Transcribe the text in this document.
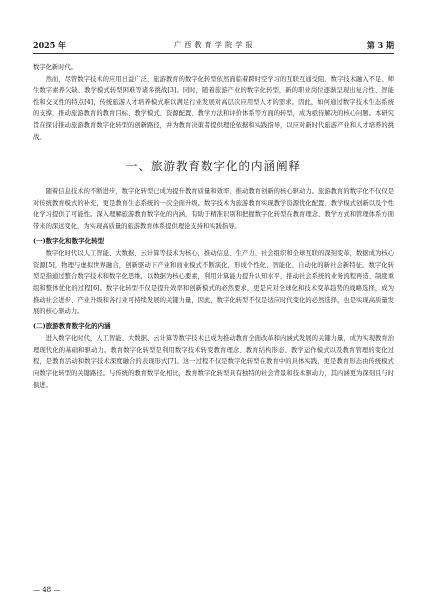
2025 年	广 西 教 育 学 院 学 报	第 3 期

数字化新时代。

然而，尽管数字技术的应用日益广泛，旅游教育的数字化转型依然面临着跨时空学习的互联互通受阻、数字技术融入不足、师生数字素养欠缺、教学模式转型困难等诸多挑战[3]。同时，随着旅游产业的数字化转型，新的职业岗位逐渐呈现出复合性、智能性和交叉性的特点[4]，传统旅游人才培养模式难以满足行业发展对高层次应用型人才的需求。因此，如何通过数字技术生态系统的支撑，推动旅游教育的教育目标、教学模式、资源配置、教学方法和评价体系等方面的转型，成为亟待解决的核心问题。本研究旨在探讨推动旅游教育数字化转型的创新路径，并为教育决策者提供理论依据和实践指导，以应对新时代旅游产业和人才培养的挑战。

一、旅游教育数字化的内涵阐释

随着信息技术的不断进步，数字化转型已成为提升教育质量和效率、推动教育创新的核心驱动力。旅游教育的数字化不仅仅是对传统教育模式的补充，更是教育生态系统的一次全面升级。数字技术为旅游教育实现教学资源优化配置、教学模式创新以及个性化学习提供了可能性。深入理解旅游教育数字化的内涵，有助于精准识别和把握数字化转型在教育理念、教学方式和管理体系方面带来的深远变化，为实现高质量的旅游教育体系提供理论支持和实践指导。

(一)数字化和数字化转型

数字化时代以人工智能、大数据、云计算等技术为核心，推动信息、生产力、社会组织和全球互联的深刻变革，数据成为核心资源[5]，物理与虚拟世界融合，创新驱动下产业和商业模式不断演化，形成个性化、智能化、自动化的新社会新特征。数字化转型是指通过整合数字技术和数字化思维，以数据为核心要素，利用计算能力提升认知水平，推动社会系统的业务流程再造、制度重组和整体优化的过程[6]。数字化转型不仅是提升效率和创新模式的必然要求，更是应对全球化和技术变革趋势的战略选择，成为推动社会进步、产业升级和各行业可持续发展的关键力量，因此，数字化转型不仅是适应时代变化的必然选择，也是实现高质量发展的核心驱动力。

(二)旅游教育数字化的内涵

进入数字化时代，人工智能、大数据、云计算等数字技术已成为推动教育全面改革和内涵式发展的关键力量，成为实现教育治理现代化的基础和驱动力。教育数字化转型是利用数字技术转变教育理念、教育结构形态、教学运作模式以及教育管理的变化过程，是教育活动和数字技术深度融合的表现形式[7]。这一过程不仅是数字化转型在教育中的具体实践，更是教育形态由传统模式向数字化转型的关键路径。与传统的教育数字化相比，教育数字化转型具有独特的社会背景和技术驱动力，其内涵更为深刻且与时俱进。

— 48 —
